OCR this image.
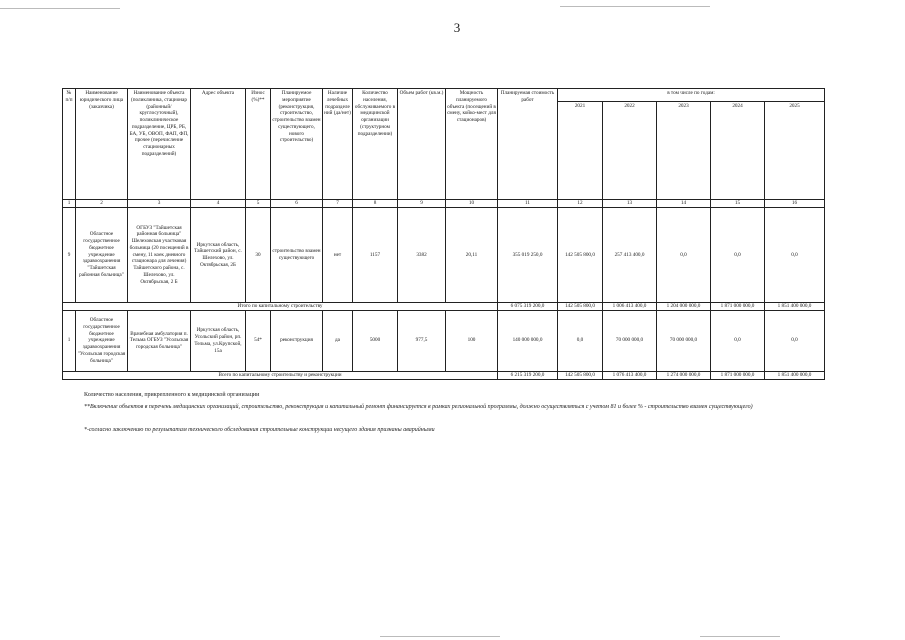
3
№ п/п	Наименование юридического лица (заказчика)	Наименование объекта (поликлиника, стационар (районный/круглосуточный), поликлиническое подразделение, ЦРБ, РБ, БА, УБ, ОВОП, ФАП, ФП, прочее (перечисление стационарных подразделений)	Адрес объекта	Износ (%)**	Планируемое мероприятие (реконструкция, строительство, строительство взамен существующего, нового строительство)	Наличие лечебных подразделений (да/нет)	Количество населения, обслуживаемого в медицинской организации (структурном подразделении)	Объем работ (кв.м.)	Мощность планируемого объекта (посещений в смену, койко-мест для стационаров)	Планируемая стоимость работ	в том числе по годам:				
											2021	2022	2023	2024	2025
1	2	3	4	5	6	7	8	9	10	11	12	13	14	15	16
9	Областное государственное бюджетное учреждение здравоохранения "Тайшетская районная больница"	ОГБУЗ "Тайшетская районная больница" Шелеховская участковая больница (20 посещений в смену, 11 коек дневного стационара для лечения) Тайшетского района, с. Шелехово, ул. Октябрьская, 2 Б	Иркутская область, Тайшетский район, с. Шелехово, ул. Октябрьская, 2Б	30	строительство взамен существующего	нет	1157	3382	20,11	355 019 250,0	142 505 800,0	257 413 400,0	0,0	0,0	0,0
Итого по капитальному строительству										6 075 319 200,0	142 505 800,0	1 006 413 400,0	1 204 000 000,0	1 871 000 000,0	1 851 400 000,0
1	Областное государственное бюджетное учреждение здравоохранения "Усольская городская больница"	Врачебная амбулатория п. Тельма ОГБУЗ "Усольская городская больница"	Иркутская область, Усольский район, рп. Тельма, ул.Крупской, 15а	54*	реконструкция	да	5000	977,5	100	140 000 000,0	0,0	70 000 000,0	70 000 000,0	0,0	0,0
Всего по капитальному строительству и реконструкции										6 215 319 200,0	142 505 800,0	1 076 413 400,0	1 274 000 000,0	1 871 000 000,0	1 851 400 000,0
Количество населения, прикрепленного к медицинской организации
**Включение объектов в перечень медицинских организаций, строительство, реконструкция и капитальный ремонт финансируется в рамках региональной программы, должно осуществляться с учетом 81 и более % - строительство взамен существующего)
*-согласно заключению по результатам технического обследования строительные конструкции несущего здания признаны аварийными
